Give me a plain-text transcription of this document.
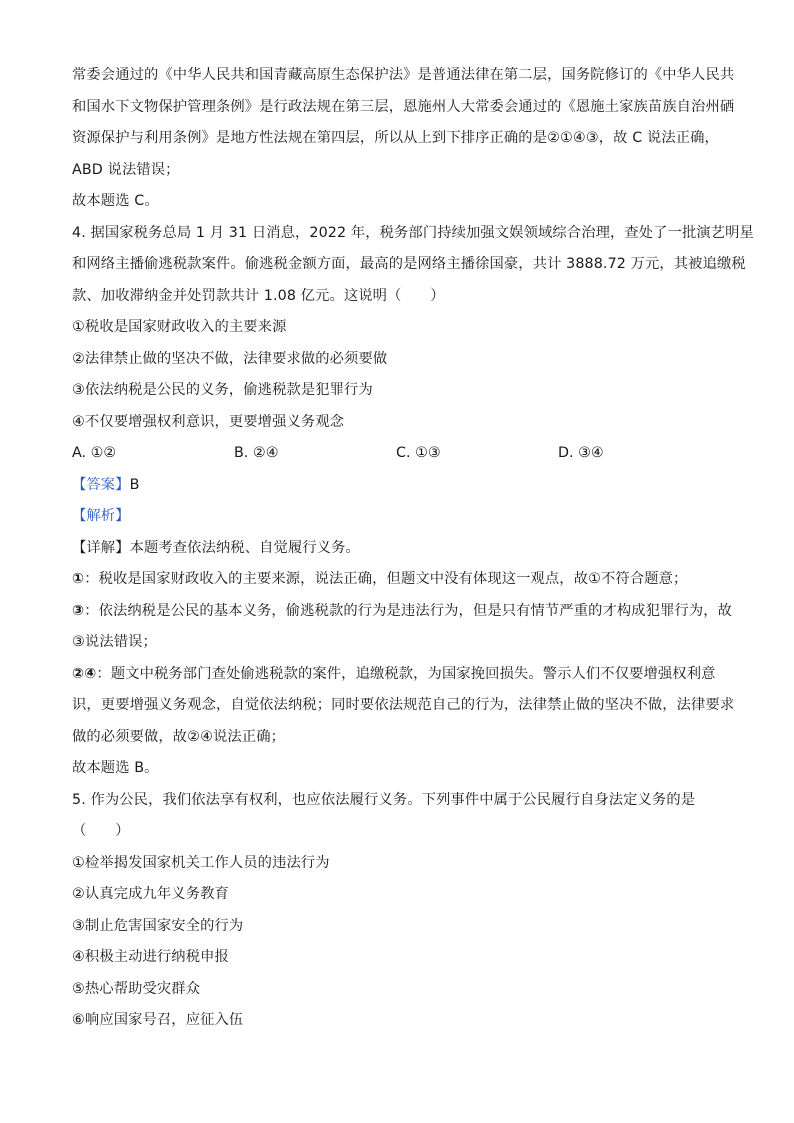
常委会通过的《中华人民共和国青藏高原生态保护法》是普通法律在第二层，国务院修订的《中华人民共
和国水下文物保护管理条例》是行政法规在第三层，恩施州人大常委会通过的《恩施土家族苗族自治州硒
资源保护与利用条例》是地方性法规在第四层，所以从上到下排序正确的是②①④③，故 C 说法正确，
ABD 说法错误；
故本题选 C。
4. 据国家税务总局 1 月 31 日消息，2022 年，税务部门持续加强文娱领域综合治理，查处了一批演艺明星
和网络主播偷逃税款案件。偷逃税金额方面，最高的是网络主播徐国豪，共计 3888.72 万元，其被追缴税
款、加收滞纳金并处罚款共计 1.08 亿元。这说明（　　）
①税收是国家财政收入的主要来源
②法律禁止做的坚决不做，法律要求做的必须要做
③依法纳税是公民的义务，偷逃税款是犯罪行为
④不仅要增强权利意识，更要增强义务观念
A. ①②	B. ②④	C. ①③	D. ③④
【答案】B
【解析】
【详解】本题考查依法纳税、自觉履行义务。
①：税收是国家财政收入的主要来源，说法正确，但题文中没有体现这一观点，故①不符合题意；
③：依法纳税是公民的基本义务，偷逃税款的行为是违法行为，但是只有情节严重的才构成犯罪行为，故
③说法错误；
②④：题文中税务部门查处偷逃税款的案件，追缴税款，为国家挽回损失。警示人们不仅要增强权利意
识，更要增强义务观念，自觉依法纳税；同时要依法规范自己的行为，法律禁止做的坚决不做，法律要求
做的必须要做，故②④说法正确；
故本题选 B。
5. 作为公民，我们依法享有权利，也应依法履行义务。下列事件中属于公民履行自身法定义务的是
（　　）
①检举揭发国家机关工作人员的违法行为
②认真完成九年义务教育
③制止危害国家安全的行为
④积极主动进行纳税申报
⑤热心帮助受灾群众
⑥响应国家号召，应征入伍
